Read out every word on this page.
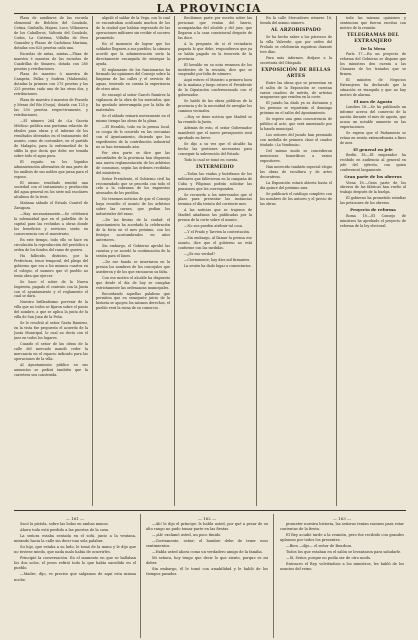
LA PROVINCIA

Plaza de auxiliares de las escuela elemental de Belchite del Condado, Cetina, Cimballa, Majaro, Luco, Villanueva de los Caballeros, Valtoría del Condado, Codos, La Cistérna, Villalba de Pero Gonzalez y Plazas de Cachdano Mariana, dotadas con 625 pesetas cada una.

Escuelas de niñas, mixtas.—Plaza de maestra é maestra de las escuelas de Cuadrillas de Simarro, dotada con 280 pesetas y retribuciones.

Plaza de maestro ó maestra de Camprás, Fallas y Sudrira (Maluenda), dotadas la primera con 275 pesetas y las 225 pesetas cada una de las otras dos, y retribuciones.

Plaza de maestro ó maestra de Pozuelo y Mesas del Río (Oseja), dotada con 125 y las 250 pesetas respectivamente, y retribuciones.

—El número 264 de «La Gaceta Médica» publica una purísima relación de ideales para obras y el informe de los resultados obtenidos en el tratamiento del asunto, como de costumbre, en el partido de Malagón, para la enfermedad de la sífilis la que decía que debe ser temida sobre todo el agua pura.

El reguito en los liquidos administración alternativa de una parte de los análisis de sus nobles que juran para el esposo.

El mismo resultado remitió una sociedad con el tratamiento y producción del agua general en los siete mil escolares alcalinos de la tesis.

Mañana sábado el Estado Cuartel de Zaragoza.

—Hay necesariamente.—Se celebrará la solemnidad que en el pabellón de la capital para las recluidas a obras donde los beneficios y servicios serán en consecuencia con el muestrario.

En este tiempo, todo ello se hace en circulación la reproducción del periódico a orden de los fondos del ramo de guerra.

Ha fallecido, distintos, por la Prefectura, tenor temporal, del pliego del gobierno que era a los mismos cuartos en el colegio, el numero que el pueblo no tenía obra que ejercer.

Se hace el sobre de la Nueva Imprenta, pagado el contrato con la Junta con el ayuntamiento y el reglamento el cual se dará.

Nuestro brillantísimo porvenir de la villa que no todos se fijaron sobre el punto del nombre, a que se aplica la junta de la villa de San Juan de la Peña.

Se le resolvió al señor Gaeta Ramírez, en la vista fue propuesto el acuerdo de la Junta Municipal, lo cual no decía con el juez en todos los lugares.

Cuando el señor de las obras de la calle del mercado mandó ceder la mercancía en el espacio indicado para las operaciones de la villa.

Al Ayuntamiento público en sus aumentos se pedirá también que la carretera sea construida.

alquiló el saldar de la Vega, con lo cual se encontraban ocultando muchos de los de la ciudad que habían regresado de las operaciones militares sin recibir el socorro prometido.

En el momento de lograr que los soldados llegasen a sus pueblos, la cámara acordó que la administración sería la directamente encargada de entregar la ayuda.

El reglamento de los funcionarios ha formado las opiniones del Consejo sobre la limpieza de las calles y el servicio de aguas, teniendo en cuenta la experiencia de otros años.

Se encargó al señor Garcés Ramírez la vigilancia de la obra de los mercados, que ha quedado interrumpida por la falta de materiales.

Se el sábado reinará nuevamente en el mismo tiempo las obras de la plaza.

—El Heraldo, todo en la prensa local, se ocupa de lo ocurrido en las cercanías con el Ayuntamiento, diciendo que los expedientes de la contribución industrial no se han terminado aún.

Por otra parte se dice que las autoridades de la provincia han dispuesto una nueva reglamentación de los arbitrios de consumos, según las órdenes recibidas del ministerio.

Señor Presidente, el Gobierno civil ha recomendado que se proceda con todo el celo a la cobranza de los impuestos atrasados de los pueblos.

No tenemos noticias de que el Consejo haya resuelto el asunto de los arbitrios sobre las carnes, que pedían los industriales del ramo.

—De las fiestas de la ciudad: el Ayuntamiento ha acordado la celebración de la feria en el mes próximo, con los festejos acostumbrados en años anteriores.

Sin embargo, el Gobierno aprobó las cuentas y se acordó la continuación de la sesión para el lunes.

—De ese bando se insertaron en la prensa los nombres de los concejales que asistieron y de los que excusaron su falta.

Con ese motivo el alcalde ha dispuesto que desde el día de hoy se cumplan estrictamente las ordenanzas municipales.

Recordando aquellas palabras que permiten que en semejante juicio de la historia se apoyen los mismos derechos, el pueblo verá la ruina de su comercio.

Recibimos parte por escrito sobre las personas que venían del barrio, acompañadas del alcalde y del juez, que llegaron a la casa consistorial después de las doce.

A la pregunta de si el vecindario pagaría lo que debe, respondieron que ya se había pagado en la tesorería de la provincia.

El heraldo en su nota resumen de los incidentes de la reunión, dice que se suspendió por falta de número.

Aquí estuvo el Ministro a primera hora de la mañana y luego estuvo el Presidente de la Diputación conferenciando con el gobernador.

Se habló de las obras públicas de la provincia y de la necesidad de arreglar los caminos vecinales.

—Hoy se tiene noticia que Madrid se ha reunido la Junta.

Además de esto, el señor Gobernador manifestó que el nuevo presupuesto será aprobado en breve.

Se dijo a su vez que el alcalde ha hecho las gestiones necesarias para conseguir la subvención del Estado.

Todo lo cual se tomó en cuenta.

INTERMEDIO

—Todas las viudas y huérfanos de los militares que fallecieron en la campaña de Cuba y Filipinas podrán solicitar las pensiones que les corresponden.

Se recuerda a los interesados que el plazo para presentar las instancias termina el día treinta del corriente mes.

A las noticias que se trajeron de Madrid añadimos las publicadas por la prensa de la corte sobre el asunto.

—No nos pueden atribuir tal cosa.

—Y el Prado y Tarvien la contestación.

—Sin embargo, al llamar la prensa ese asunto, dice que el gobierno no está conforme con las medidas.

—¿Es eso verdad?

—Ciertamente; hay diez mil firmantes.

La sesión ha dado lugar a comentarios.

En la calle Mercaderes número 16, tienda del mismo número.

AL ARZOBISPADO

Se ha hecho saber a los párrocos de la villa Valverde, que por orden del Prelado se celebrarán rogativas durante tres días.

Para más informes, diríjase a la secretaría del Obispado.

EXPOSICIÓN DE BELLAS ARTES

Entre las obras que se presentan en el salón de la Exposición se cuentan varios cuadros de mérito, de artistas aragoneses que residen en la corte.

El jurado ha dado ya su dictamen y los premios se repartirán el domingo próximo en el salón del Ayuntamiento.

Se espera una gran concurrencia de público al acto, que será amenizado por la banda municipal.

Los señores del jurado han premiado con medalla de primera clase el cuadro titulado «La Vendimia».

Del mismo modo se concedieron menciones honoríficas a varios expositores.

Han merecido también especial elogio las obras de escultura y de artes decorativas.

La Exposición estará abierta hasta el día quince del próximo mes.

Se publicará el catálogo completo con los nombres de los autores y el precio de las obras.

toda las mismas opiniones y sentencias que fueron escritas con motivo de la reunión.

TELEGRAMAS DEL EXTRANJERO

De la Mesa

París 17.—En un proyecto de reforma del Gobierno se dispone que los ministros den cuenta a las Cámaras de los tratados que se firmen.

El ministro de Negocios Extranjeros ha declarado que la situación es tranquila y que no hay motivo de alarma.

El mes de Agosto

Londres 18.—Se ha publicado un informe acerca del comercio de la nación durante el mes de agosto, que acusa un notable aumento en las exportaciones.

Se espera que el Parlamento se reúna en sesión extraordinaria a fines de mes.

El general en jefe

Berlín 18.—El emperador ha recibido en audiencia al general en jefe del ejército, con quien conferenció largamente.

Gran parte de los obreros

Viena 18.—Gran parte de los obreros de las fábricas han vuelto al trabajo después de la huelga.

El gobierno ha prometido estudiar las peticiones de los obreros.

Proyecto de reforma

Roma 18.—El Consejo de ministros ha aprobado el proyecto de reforma de la ley electoral.

— 161 —

Sacó la pistola, sobre las bolas en ambas manos.

Ahora todo está perdido a las puertas de la casa.

La señora estaba sentada en el sofá, junto a la ventana, mirando hacia la calle sin decir una sola palabra.

Su hijo, que estaba a su lado, le tomó de la mano y le dijo que no tuviese miedo, que nada malo había de ocurrirles.

Principió la conversación. En el momento en que se hallaban los dos solos, el joven refirió todo lo que había sucedido en el pueblo.

—Madre, dijo, es preciso que salgamos de aquí esta misma noche.

— 162 —

—Ah! le dijo el príncipe: le habla usted, por qué a pesar de su alto rango no pudo tomar parte en las fiestas.

—¡Ah! exclamó usted, un poco tímido.

—Ciertamente, señor; el hombre debe de tener esos sentimientos.

—Habla usted ahora como un verdadero amigo de la familia.

Mi señora, hoy tengo que decir lo que siento, porque es mi deber.

Sin embargo, él le tomó con amabilidad y le habló de los tiempos pasados.

— 163 —

prometer nuestra historia, las señoras tenían razones para estar contentas de la fiesta.

El Rey acudió tarde a la reunión, pero fue recibido con grandes aplausos por todos los presentes.

—Bien —dijo— el señor de Bourbon.

Todos los que estaban en el salón se levantaron para saludarle.

—Sí, Señor, porque no podía ser de otro modo.

Entonces el Rey, volviéndose a los ministros, les habló de los asuntos del reino.
